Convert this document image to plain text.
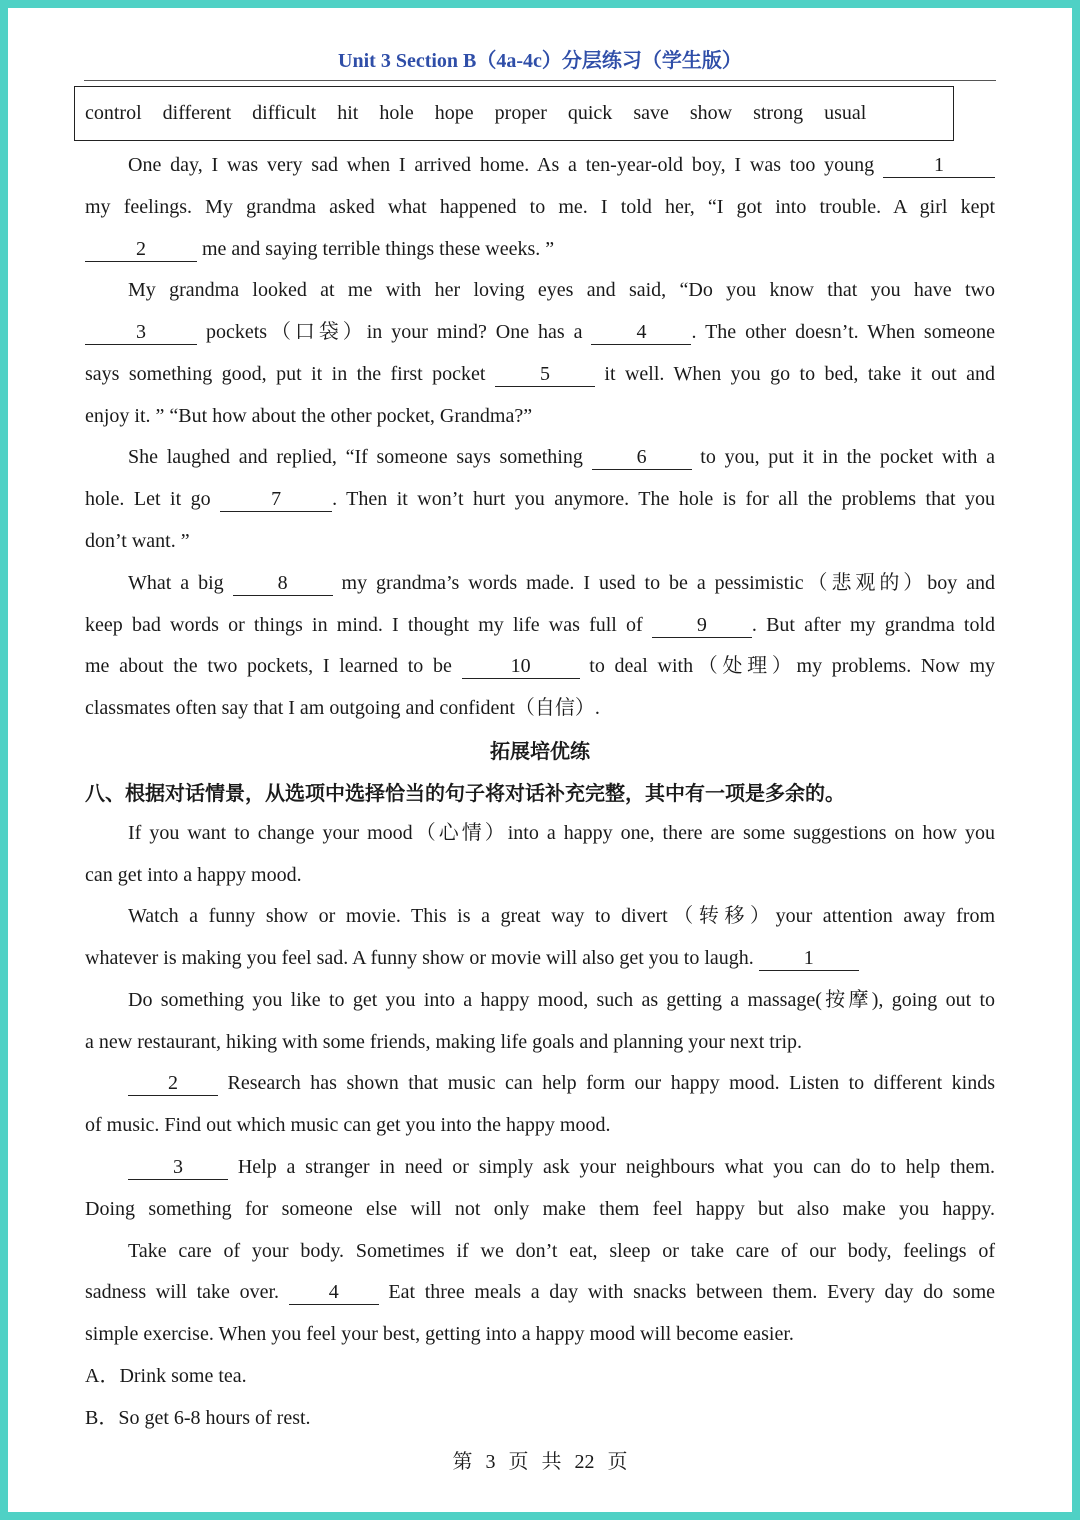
Unit 3 Section B（4a-4c）分层练习（学生版）
control different difficult hit hole hope proper quick save show strong usual
One day, I was very sad when I arrived home. As a ten-year-old boy, I was too young	1
my feelings. My grandma asked what happened to me. I told her, “I got into trouble. A girl kept
2	me and saying terrible things these weeks. ”
My grandma looked at me with her loving eyes and said, “Do you know that you have two
3	pockets（口袋）in your mind? One has a	4 . The other doesn’t. When someone
says something good, put it in the first pocket	5	it well. When you go to bed, take it out and
enjoy it. ” “But how about the other pocket, Grandma?”
She laughed and replied, “If someone says something	6	to you, put it in the pocket with a
hole. Let it go	7	. Then it won’t hurt you anymore. The hole is for all the problems that you
don’t want. ”
What a big	8	my grandma’s words made. I used to be a pessimistic（悲观的）boy and
keep bad words or things in mind. I thought my life was full of	9 . But after my grandma told
me about the two pockets, I learned to be	10	to deal with（处理）my problems. Now my
classmates often say that I am outgoing and confident（自信）.
拓展培优练
八、根据对话情景，从选项中选择恰当的句子将对话补充完整，其中有一项是多余的。
If you want to change your mood（心情）into a happy one, there are some suggestions on how you
can get into a happy mood.
Watch a funny show or movie. This is a great way to divert（转移）your attention away from
whatever is making you feel sad. A funny show or movie will also get you to laugh.	1
Do something you like to get you into a happy mood, such as getting a massage(按摩), going out to
a new restaurant, hiking with some friends, making life goals and planning your next trip.
2 Research has shown that music can help form our happy mood. Listen to different kinds
of music. Find out which music can get you into the happy mood.
3	Help a stranger in need or simply ask your neighbours what you can do to help them.
Doing something for someone else will not only make them feel happy but also make you happy.
Take care of your body. Sometimes if we don’t eat, sleep or take care of our body, feelings of
sadness will take over. 4 Eat three meals a day with snacks between them. Every day do some
simple exercise. When you feel your best, getting into a happy mood will become easier.
A．Drink some tea.
B．So get 6-8 hours of rest.
第 3 页 共 22 页
